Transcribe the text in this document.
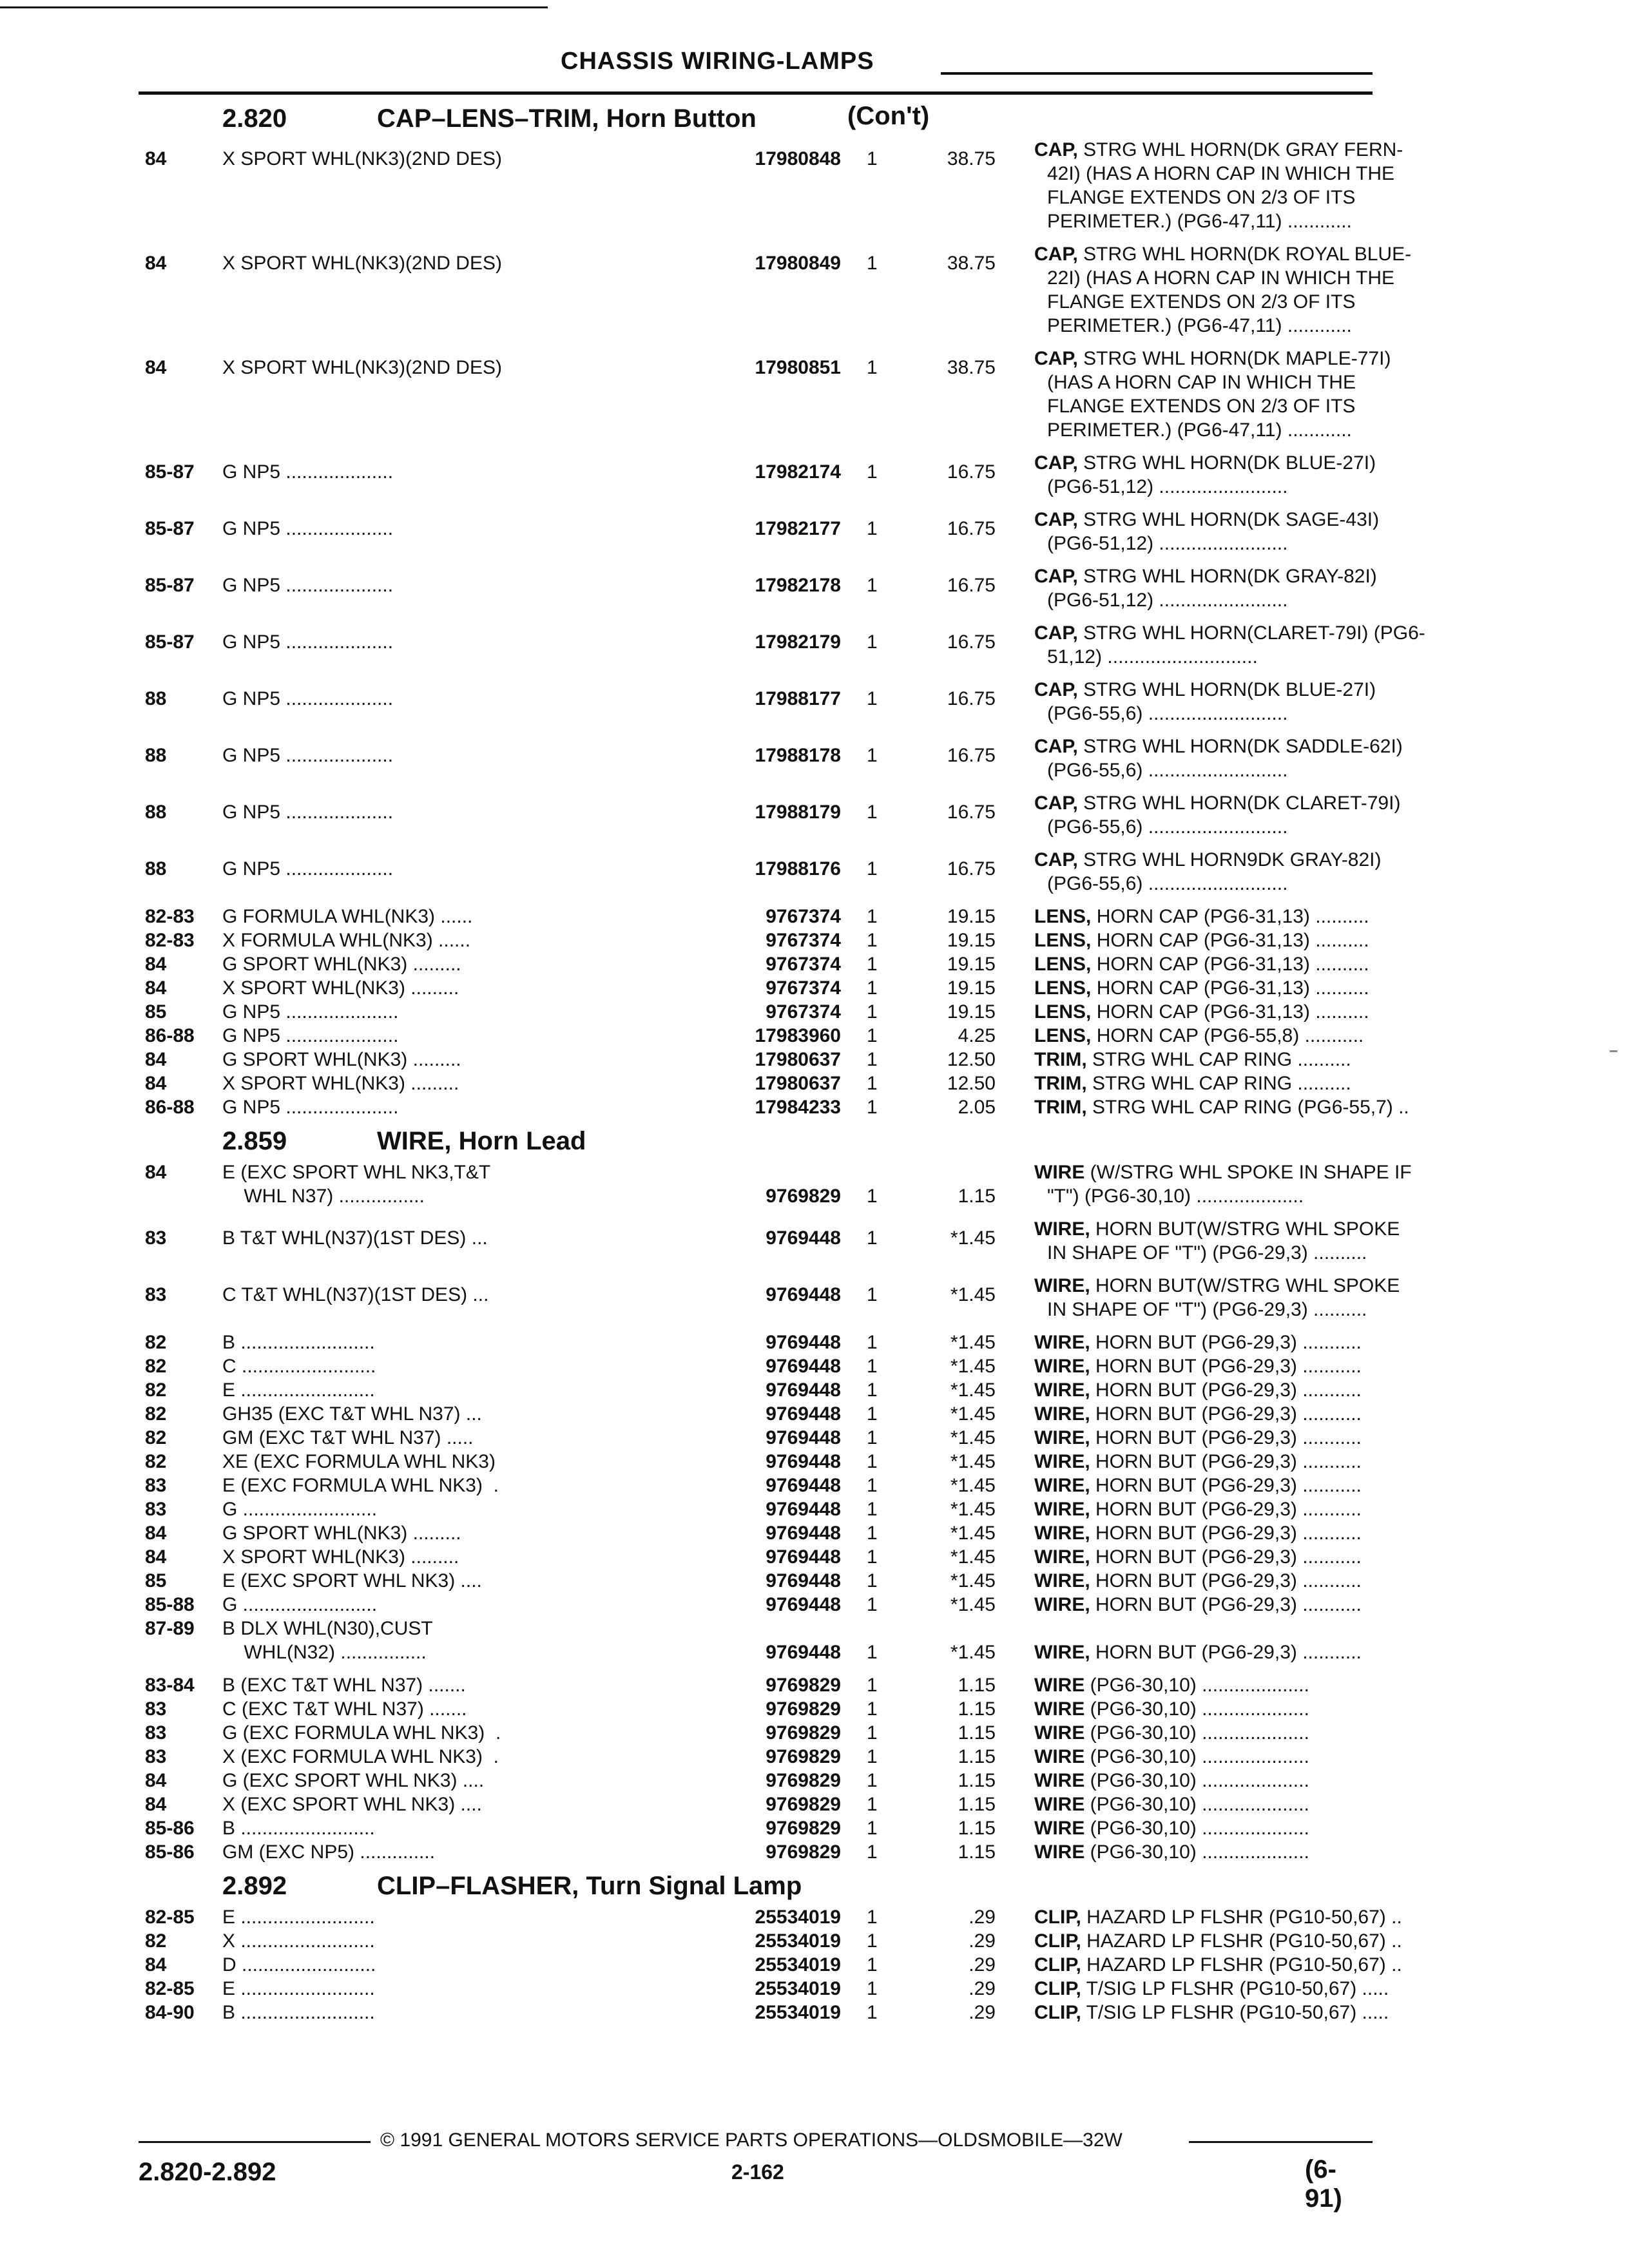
CHASSIS WIRING-LAMPS
2.820	CAP–LENS–TRIM, Horn Button	(Con't)
84	X SPORT WHL(NK3)(2ND DES)	17980848 1	38.75 CAP, STRG WHL HORN(DK GRAY FERN-
42I) (HAS A HORN CAP IN WHICH THE
FLANGE EXTENDS ON 2/3 OF ITS
PERIMETER.) (PG6-47,11) ............
84	X SPORT WHL(NK3)(2ND DES)	17980849 1	38.75 CAP, STRG WHL HORN(DK ROYAL BLUE-
22I) (HAS A HORN CAP IN WHICH THE
FLANGE EXTENDS ON 2/3 OF ITS
PERIMETER.) (PG6-47,11) ............
84	X SPORT WHL(NK3)(2ND DES)	17980851 1	38.75 CAP, STRG WHL HORN(DK MAPLE-77I)
(HAS A HORN CAP IN WHICH THE
FLANGE EXTENDS ON 2/3 OF ITS
PERIMETER.) (PG6-47,11) ............
85-87 G NP5 ....................	17982174 1	16.75 CAP, STRG WHL HORN(DK BLUE-27I)
(PG6-51,12) ........................
85-87 G NP5 ....................	17982177 1	16.75 CAP, STRG WHL HORN(DK SAGE-43I)
(PG6-51,12) ........................
85-87 G NP5 ....................	17982178 1	16.75 CAP, STRG WHL HORN(DK GRAY-82I)
(PG6-51,12) ........................
85-87 G NP5 ....................	17982179 1	16.75 CAP, STRG WHL HORN(CLARET-79I) (PG6-
51,12) ............................
88	G NP5 ....................	17988177 1	16.75 CAP, STRG WHL HORN(DK BLUE-27I)
(PG6-55,6) ..........................
88	G NP5 ....................	17988178 1	16.75 CAP, STRG WHL HORN(DK SADDLE-62I)
(PG6-55,6) ..........................
88	G NP5 ....................	17988179 1	16.75 CAP, STRG WHL HORN(DK CLARET-79I)
(PG6-55,6) ..........................
88	G NP5 ....................	17988176 1	16.75 CAP, STRG WHL HORN9DK GRAY-82I)
(PG6-55,6) ..........................
82-83 G FORMULA WHL(NK3) ......	9767374 1	19.15 LENS, HORN CAP (PG6-31,13) ..........
82-83 X FORMULA WHL(NK3) ......	9767374 1	19.15 LENS, HORN CAP (PG6-31,13) ..........
84	G SPORT WHL(NK3) .........	9767374 1	19.15 LENS, HORN CAP (PG6-31,13) ..........
84	X SPORT WHL(NK3) .........	9767374 1	19.15 LENS, HORN CAP (PG6-31,13) ..........
85	G NP5 .....................	9767374 1	19.15 LENS, HORN CAP (PG6-31,13) ..........
86-88 G NP5 .....................	17983960 1	4.25 LENS, HORN CAP (PG6-55,8) ...........
84	G SPORT WHL(NK3) .........	17980637 1	12.50 TRIM, STRG WHL CAP RING ..........
84	X SPORT WHL(NK3) .........	17980637 1	12.50 TRIM, STRG WHL CAP RING ..........
86-88 G NP5 .....................	17984233 1	2.05 TRIM, STRG WHL CAP RING (PG6-55,7) ..
2.859	WIRE, Horn Lead
84	E (EXC SPORT WHL NK3,T&T
WHL N37) ................	9769829 1	1.15
WIRE (W/STRG WHL SPOKE IN SHAPE IF
"T") (PG6-30,10) ....................
83	B T&T WHL(N37)(1ST DES) ...	9769448 1	*1.45 WIRE, HORN BUT(W/STRG WHL SPOKE
IN SHAPE OF "T") (PG6-29,3) ..........
83	C T&T WHL(N37)(1ST DES) ...	9769448 1	*1.45 WIRE, HORN BUT(W/STRG WHL SPOKE
IN SHAPE OF "T") (PG6-29,3) ..........
82	B .........................	9769448 1	*1.45 WIRE, HORN BUT (PG6-29,3) ...........
82	C .........................	9769448 1	*1.45 WIRE, HORN BUT (PG6-29,3) ...........
82	E .........................	9769448 1	*1.45 WIRE, HORN BUT (PG6-29,3) ...........
82	GH35 (EXC T&T WHL N37) ...	9769448 1	*1.45 WIRE, HORN BUT (PG6-29,3) ...........
82	GM (EXC T&T WHL N37) .....	9769448 1	*1.45 WIRE, HORN BUT (PG6-29,3) ...........
82	XE (EXC FORMULA WHL NK3)	9769448 1	*1.45 WIRE, HORN BUT (PG6-29,3) ...........
83	E (EXC FORMULA WHL NK3)  .	9769448 1	*1.45 WIRE, HORN BUT (PG6-29,3) ...........
83	G .........................	9769448 1	*1.45 WIRE, HORN BUT (PG6-29,3) ...........
84	G SPORT WHL(NK3) .........	9769448 1	*1.45 WIRE, HORN BUT (PG6-29,3) ...........
84	X SPORT WHL(NK3) .........	9769448 1	*1.45 WIRE, HORN BUT (PG6-29,3) ...........
85	E (EXC SPORT WHL NK3) ....	9769448 1	*1.45 WIRE, HORN BUT (PG6-29,3) ...........
85-88 G .........................	9769448 1	*1.45 WIRE, HORN BUT (PG6-29,3) ...........
87-89 B DLX WHL(N30),CUST
WHL(N32) ................	9769448 1	*1.45 WIRE, HORN BUT (PG6-29,3) ...........
83-84 B (EXC T&T WHL N37) .......	9769829 1	1.15 WIRE (PG6-30,10) ....................
83	C (EXC T&T WHL N37) .......	9769829 1	1.15 WIRE (PG6-30,10) ....................
83	G (EXC FORMULA WHL NK3)  .	9769829 1	1.15 WIRE (PG6-30,10) ....................
83	X (EXC FORMULA WHL NK3)  .	9769829 1	1.15 WIRE (PG6-30,10) ....................
84	G (EXC SPORT WHL NK3) ....	9769829 1	1.15 WIRE (PG6-30,10) ....................
84	X (EXC SPORT WHL NK3) ....	9769829 1	1.15 WIRE (PG6-30,10) ....................
85-86 B .........................	9769829 1	1.15 WIRE (PG6-30,10) ....................
85-86 GM (EXC NP5) ..............	9769829 1	1.15 WIRE (PG6-30,10) ....................
2.892	CLIP–FLASHER, Turn Signal Lamp
82-85 E .........................	25534019 1	.29 CLIP, HAZARD LP FLSHR (PG10-50,67) ..
82	X .........................	25534019 1	.29 CLIP, HAZARD LP FLSHR (PG10-50,67) ..
84	D .........................	25534019 1	.29 CLIP, HAZARD LP FLSHR (PG10-50,67) ..
82-85 E .........................	25534019 1	.29 CLIP, T/SIG LP FLSHR (PG10-50,67) .....
84-90 B .........................	25534019 1	.29 CLIP, T/SIG LP FLSHR (PG10-50,67) .....
© 1991 GENERAL MOTORS SERVICE PARTS OPERATIONS—OLDSMOBILE—32W
2.820-2.892	2-162	(6-91)
